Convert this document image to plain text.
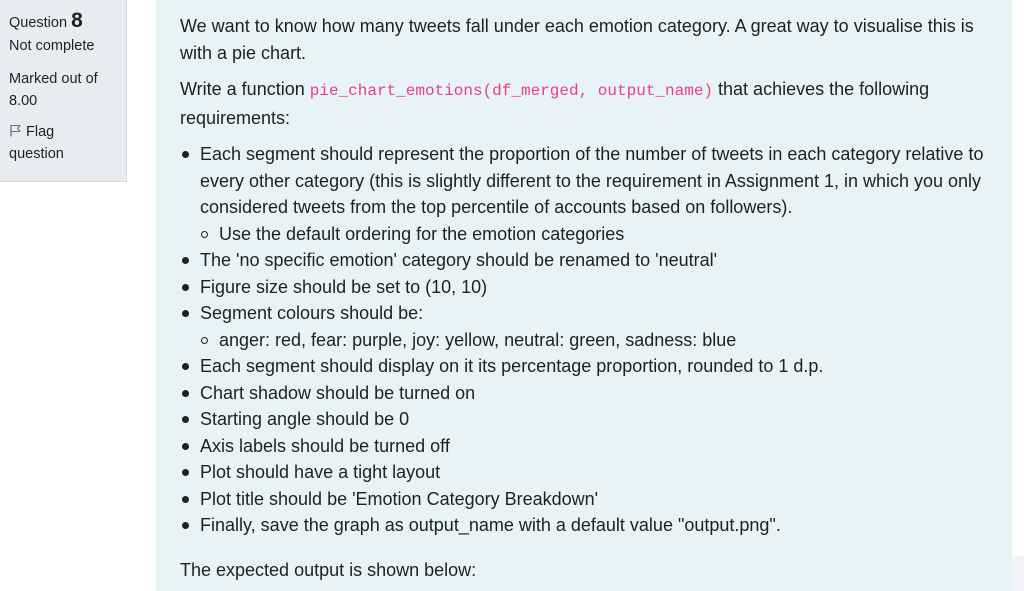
Question 8
Not complete
Marked out of
8.00
Flag
question

We want to know how many tweets fall under each emotion category. A great way to visualise this is with a pie chart.

Write a function pie_chart_emotions(df_merged, output_name) that achieves the following requirements:

Each segment should represent the proportion of the number of tweets in each category relative to every other category (this is slightly different to the requirement in Assignment 1, in which you only considered tweets from the top percentile of accounts based on followers).
Use the default ordering for the emotion categories
The 'no specific emotion' category should be renamed to 'neutral'
Figure size should be set to (10, 10)
Segment colours should be:
anger: red, fear: purple, joy: yellow, neutral: green, sadness: blue
Each segment should display on it its percentage proportion, rounded to 1 d.p.
Chart shadow should be turned on
Starting angle should be 0
Axis labels should be turned off
Plot should have a tight layout
Plot title should be 'Emotion Category Breakdown'
Finally, save the graph as output_name with a default value "output.png".

The expected output is shown below:
